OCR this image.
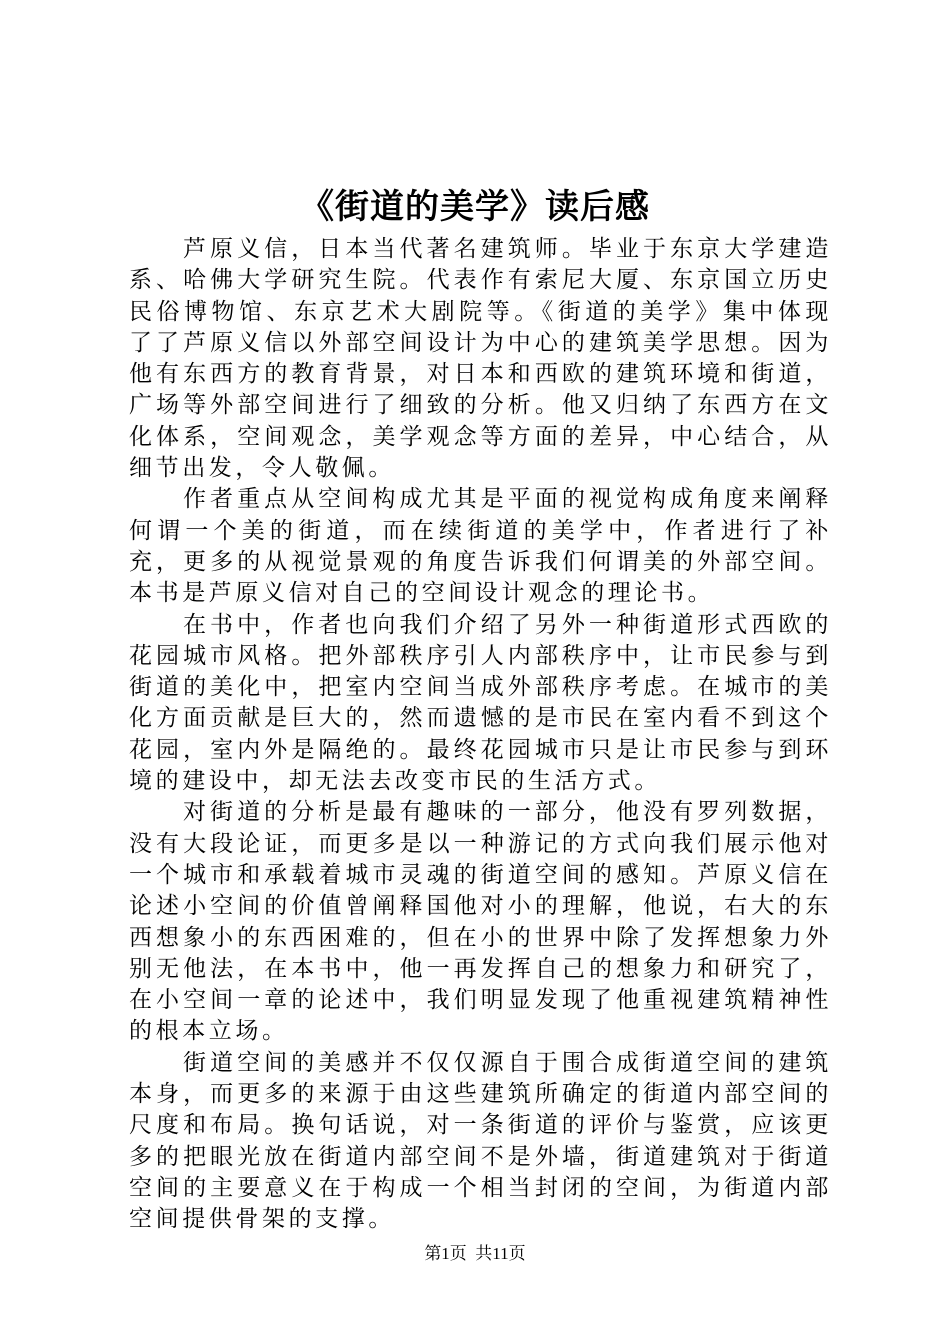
《街道的美学》读后感

芦原义信，日本当代著名建筑师。毕业于东京大学建造系、哈佛大学研究生院。代表作有索尼大厦、东京国立历史民俗博物馆、东京艺术大剧院等。《街道的美学》集中体现了了芦原义信以外部空间设计为中心的建筑美学思想。因为他有东西方的教育背景，对日本和西欧的建筑环境和街道，广场等外部空间进行了细致的分析。他又归纳了东西方在文化体系，空间观念，美学观念等方面的差异，中心结合，从细节出发，令人敬佩。

作者重点从空间构成尤其是平面的视觉构成角度来阐释何谓一个美的街道，而在续街道的美学中，作者进行了补充，更多的从视觉景观的角度告诉我们何谓美的外部空间。本书是芦原义信对自己的空间设计观念的理论书。

在书中，作者也向我们介绍了另外一种街道形式西欧的花园城市风格。把外部秩序引人内部秩序中，让市民参与到街道的美化中，把室内空间当成外部秩序考虑。在城市的美化方面贡献是巨大的，然而遗憾的是市民在室内看不到这个花园，室内外是隔绝的。最终花园城市只是让市民参与到环境的建设中，却无法去改变市民的生活方式。

对街道的分析是最有趣味的一部分，他没有罗列数据，没有大段论证，而更多是以一种游记的方式向我们展示他对一个城市和承载着城市灵魂的街道空间的感知。芦原义信在论述小空间的价值曾阐释国他对小的理解，他说，右大的东西想象小的东西困难的，但在小的世界中除了发挥想象力外别无他法，在本书中，他一再发挥自己的想象力和研究了，在小空间一章的论述中，我们明显发现了他重视建筑精神性的根本立场。

街道空间的美感并不仅仅源自于围合成街道空间的建筑本身，而更多的来源于由这些建筑所确定的街道内部空间的尺度和布局。换句话说，对一条街道的评价与鉴赏，应该更多的把眼光放在街道内部空间不是外墙，街道建筑对于街道空间的主要意义在于构成一个相当封闭的空间，为街道内部空间提供骨架的支撑。

第1页  共11页
